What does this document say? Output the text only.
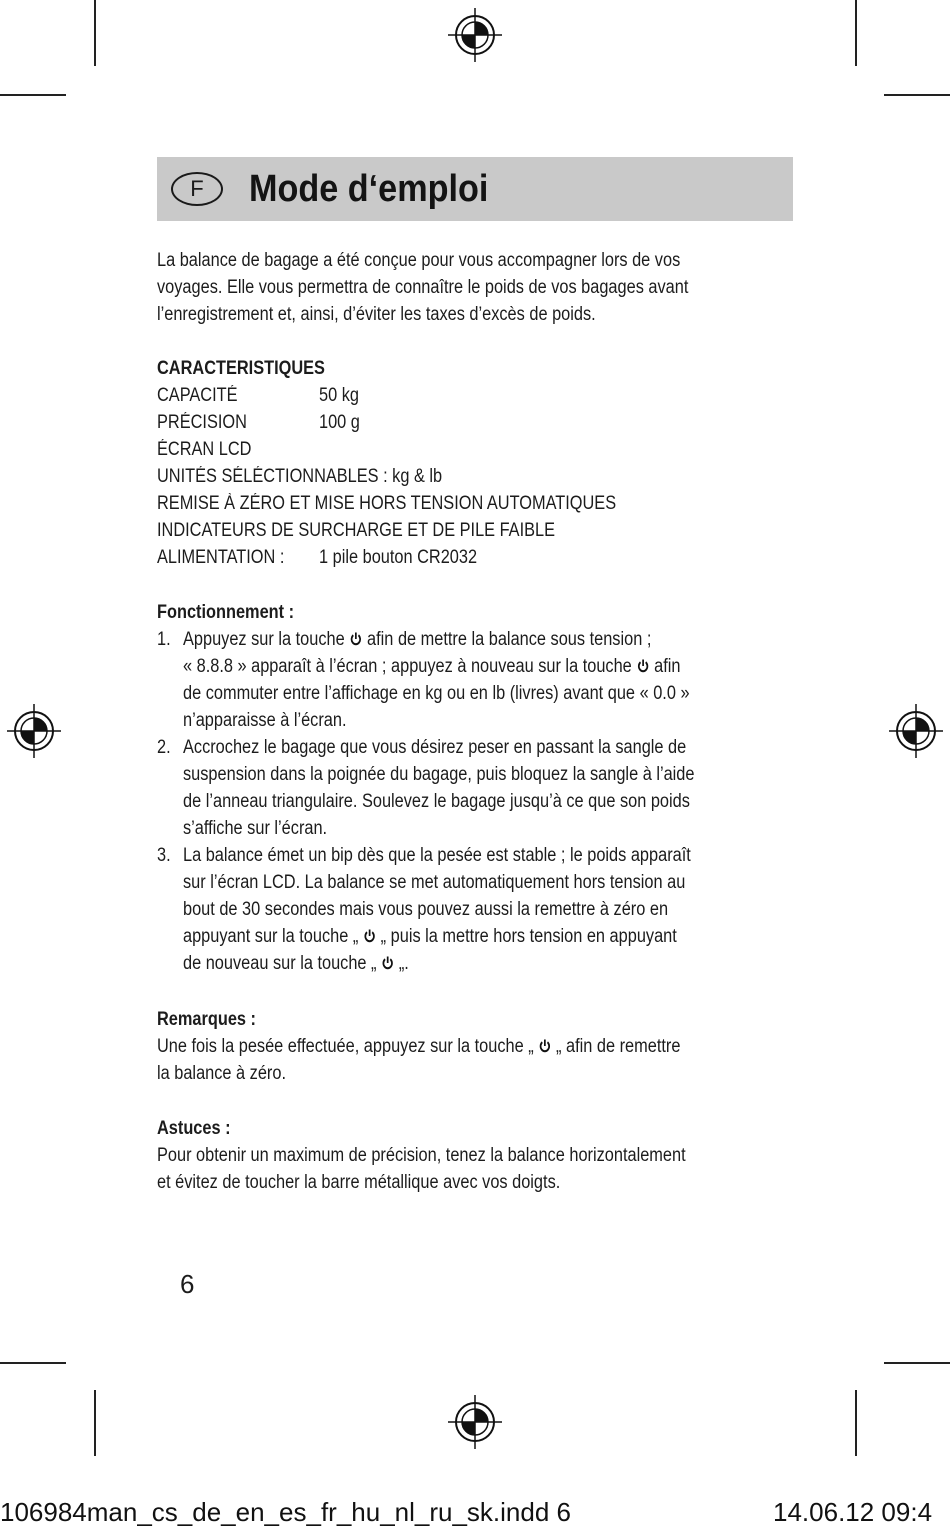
F	Mode d‘emploi
La balance de bagage a été conçue pour vous accompagner lors de vos
voyages. Elle vous permettra de connaître le poids de vos bagages avant
l’enregistrement et, ainsi, d’éviter les taxes d’excès de poids.
CARACTERISTIQUES
CAPACITÉ	50 kg
PRÉCISION	100 g
ÉCRAN LCD
UNITÉS SÉLÉCTIONNABLES : kg & lb
REMISE À ZÉRO ET MISE HORS TENSION AUTOMATIQUES
INDICATEURS DE SURCHARGE ET DE PILE FAIBLE
ALIMENTATION : 1 pile bouton CR2032
Fonctionnement :
1. Appuyez sur la touche afin de mettre la balance sous tension ;
« 8.8.8 » apparaît à l’écran ; appuyez à nouveau sur la touche afin
de commuter entre l’affichage en kg ou en lb (livres) avant que « 0.0 »
n’apparaisse à l’écran.
2. Accrochez le bagage que vous désirez peser en passant la sangle de
suspension dans la poignée du bagage, puis bloquez la sangle à l’aide
de l’anneau triangulaire. Soulevez le bagage jusqu’à ce que son poids
s’affiche sur l’écran.
3. La balance émet un bip dès que la pesée est stable ; le poids apparaît
sur l’écran LCD. La balance se met automatiquement hors tension au
bout de 30 secondes mais vous pouvez aussi la remettre à zéro en
appuyant sur la touche „ „ puis la mettre hors tension en appuyant
de nouveau sur la touche „ „.
Remarques :
Une fois la pesée effectuée, appuyez sur la touche „ „ afin de remettre
la balance à zéro.
Astuces :
Pour obtenir un maximum de précision, tenez la balance horizontalement
et évitez de toucher la barre métallique avec vos doigts.
6
106984man_cs_de_en_es_fr_hu_nl_ru_sk.indd 6	14.06.12 09:4
